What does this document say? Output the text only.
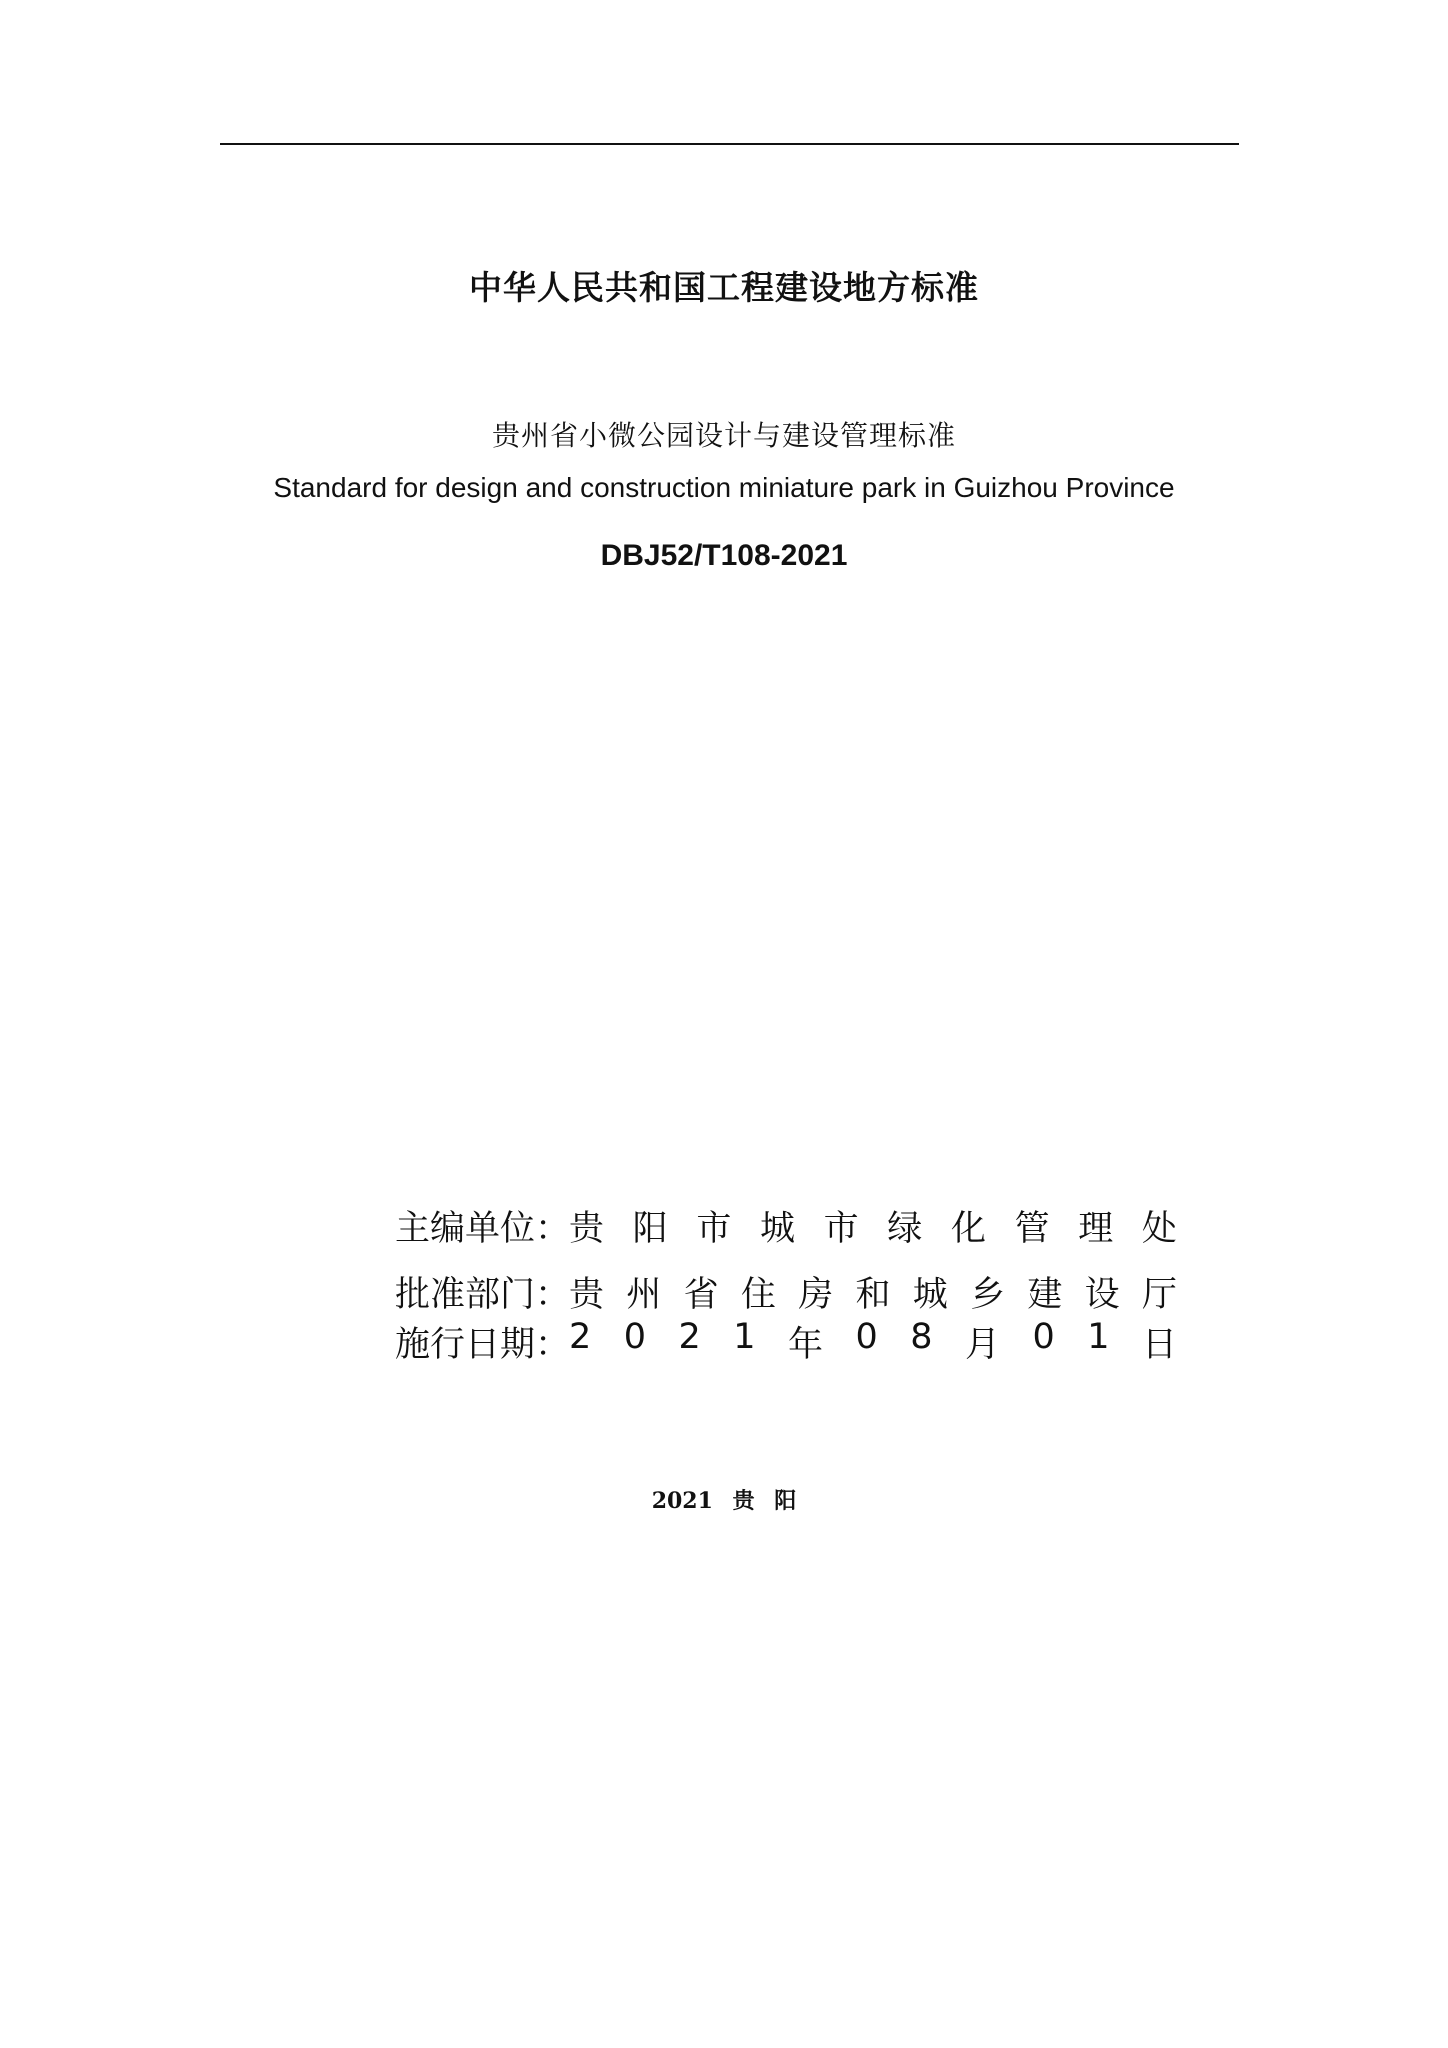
中华人民共和国工程建设地方标准
贵州省小微公园设计与建设管理标准
Standard for design and construction miniature park in Guizhou Province
DBJ52/T108-2021
主编单位：
贵 阳 市 城 市 绿 化 管 理 处
批准部门：
贵 州 省 住 房 和 城 乡 建 设 厅
施行日期：
2 0 2 1 年 0 8 月 0 1 日
2021 贵 阳
